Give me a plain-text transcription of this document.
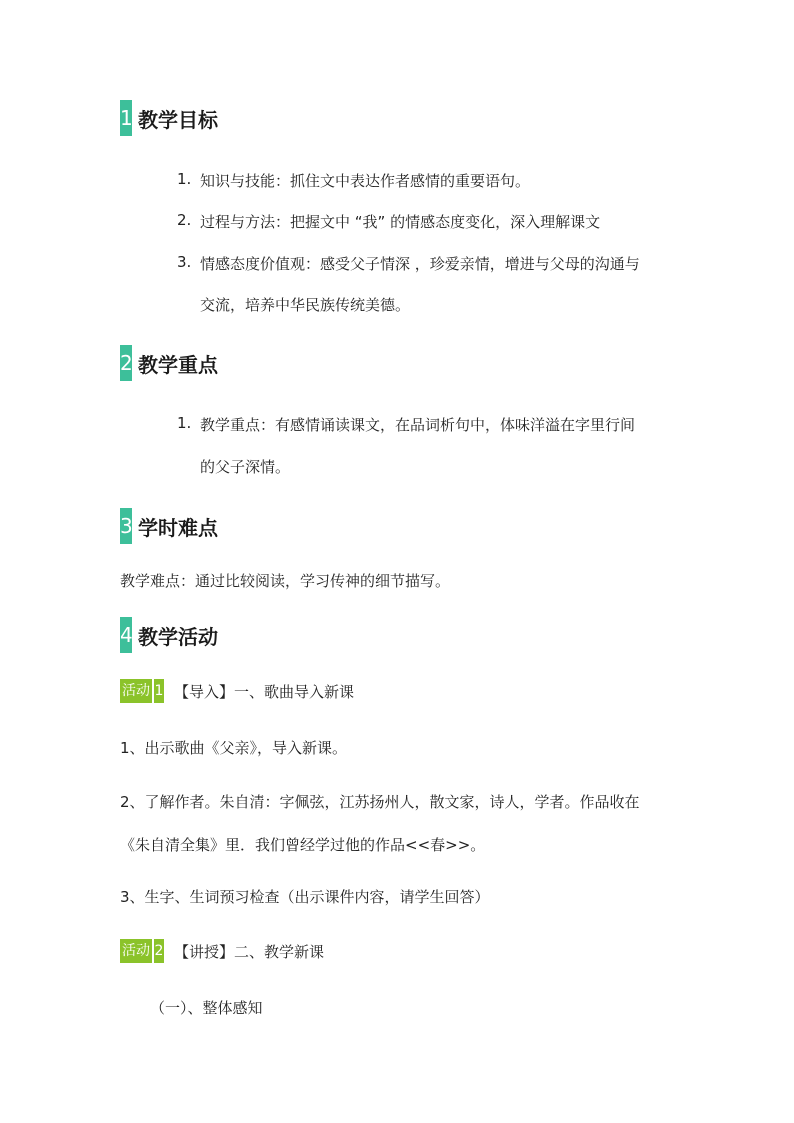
1 教学目标
1. 知识与技能：抓住文中表达作者感情的重要语句。
2. 过程与方法：把握文中 “我” 的情感态度变化，深入理解课文
3. 情感态度价值观：感受父子情深 ，珍爱亲情，增进与父母的沟通与
交流，培养中华民族传统美德。
2 教学重点
1. 教学重点：有感情诵读课文，在品词析句中，体味洋溢在字里行间
的父子深情。
3 学时难点
教学难点：通过比较阅读，学习传神的细节描写。
4 教学活动
活动 1 【导入】一、歌曲导入新课
1、出示歌曲《父亲》，导入新课。
2、了解作者。朱自清：字佩弦，江苏扬州人，散文家，诗人，学者。作品收在
《朱自清全集》里．我们曾经学过他的作品<<春>>。
3、生字、生词预习检查（出示课件内容，请学生回答）
活动 2 【讲授】二、教学新课
（一）、整体感知
